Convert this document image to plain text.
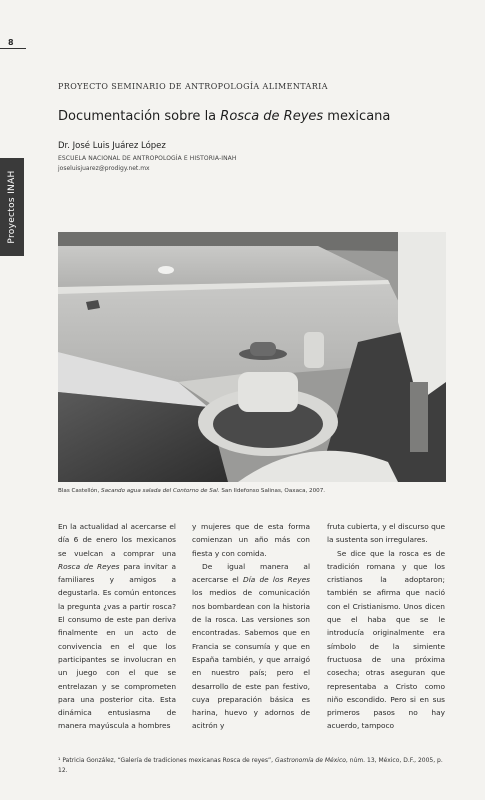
8
Proyectos INAH
PROYECTO SEMINARIO DE ANTROPOLOGÍA ALIMENTARIA
Documentación sobre la Rosca de Reyes mexicana
Dr. José Luis Juárez López
ESCUELA NACIONAL DE ANTROPOLOGÍA E HISTORIA-INAH
joseluisjuarez@prodigy.net.mx
Blas Castellón, Sacando agua salada del Contorno de Sal. San Ildefonso Salinas, Oaxaca, 2007.

En la actualidad al acercarse el día 6 de enero los mexicanos se vuelcan a comprar una Rosca de Reyes para invitar a familiares y amigos a degustarla. Es común entonces la pregunta ¿vas a partir rosca? El consumo de este pan deriva finalmente en un acto de convivencia en el que los participantes se involucran en un juego con el que se entrelazan y se comprometen para una posterior cita. Esta dinámica entusiasma de manera mayúscula a hombres

y mujeres que de esta forma comienzan un año más con fiesta y con comida.

De igual manera al acercarse el Día de los Reyes los medios de comunicación nos bombardean con la historia de la rosca. Las versiones son encontradas. Sabemos que en Francia se consumía y que en España también, y que arraigó en nuestro país; pero el desarrollo de este pan festivo, cuya preparación básica es harina, huevo y adornos de acitrón y

fruta cubierta, y el discurso que la sustenta son irregulares.

Se dice que la rosca es de tradición romana y que los cristianos la adoptaron; también se afirma que nació con el Cristianismo. Unos dicen que el haba que se le introducía originalmente era símbolo de la simiente fructuosa de una próxima cosecha; otras aseguran que representaba a Cristo como niño escondido. Pero si en sus primeros pasos no hay acuerdo, tampoco

¹ Patricia González, “Galería de tradiciones mexicanas Rosca de reyes”, Gastronomía de México, núm. 13, México, D.F., 2005, p. 12.
